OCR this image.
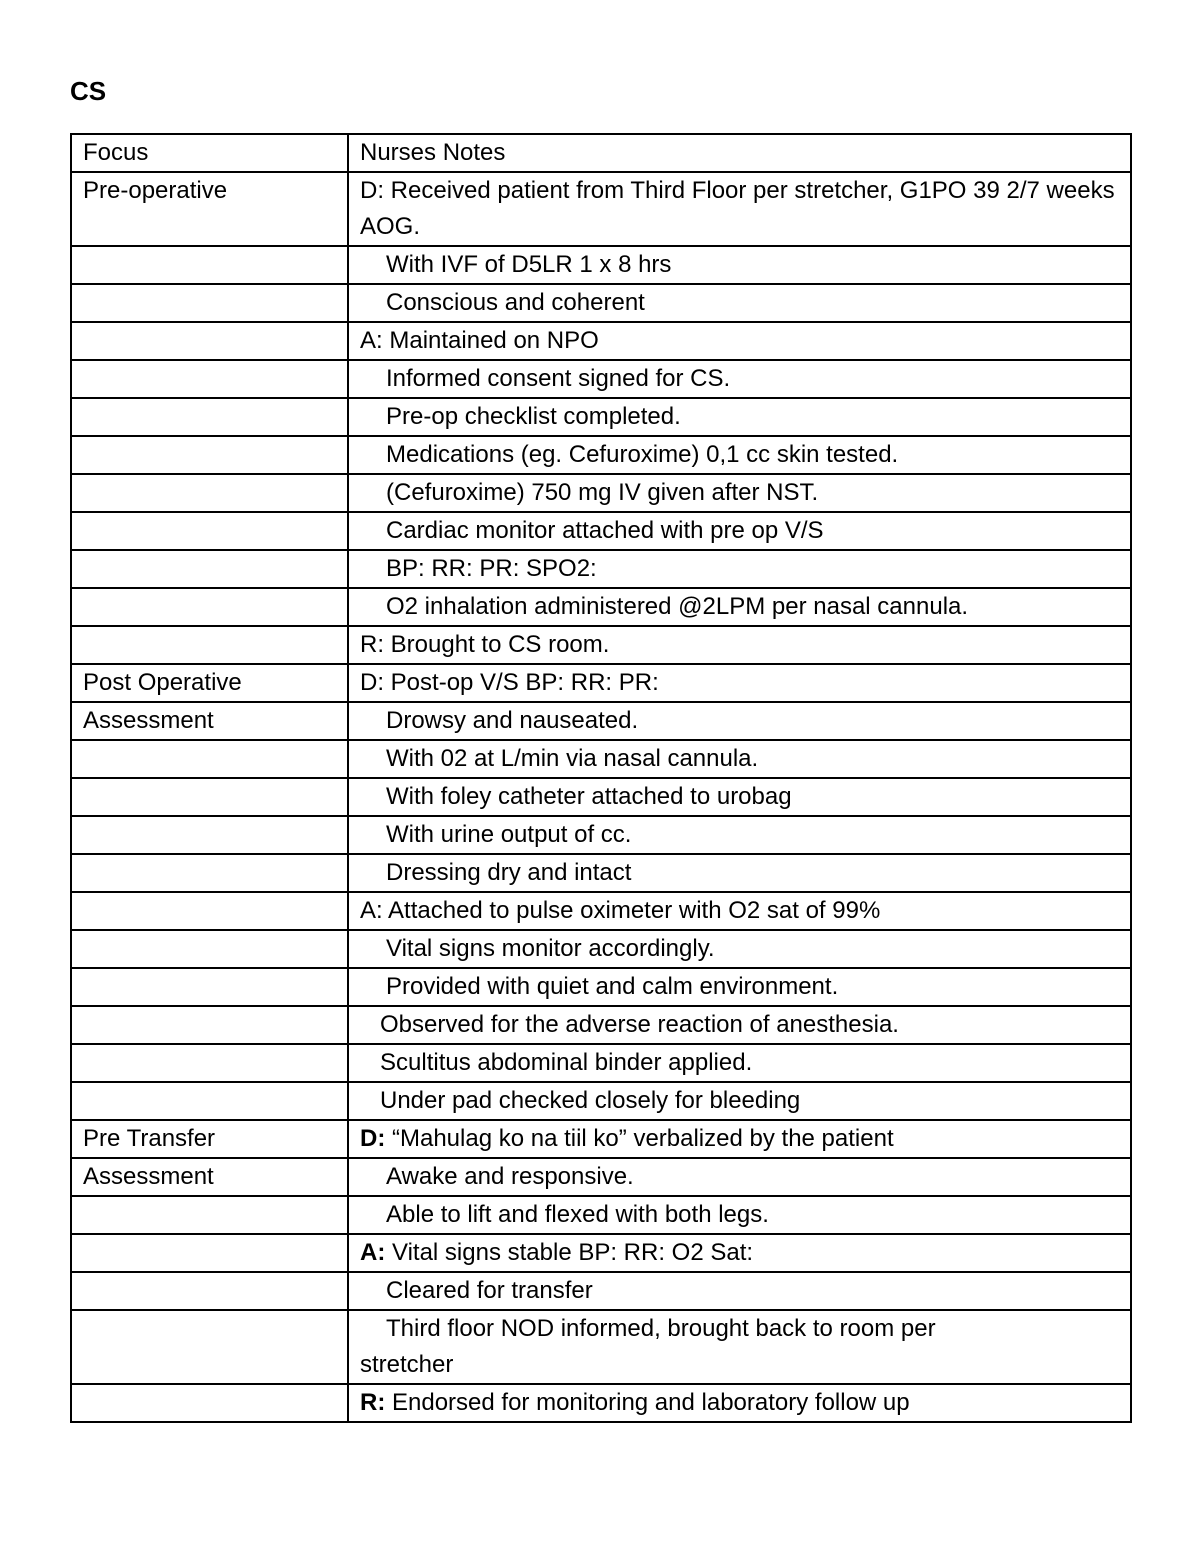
CS
Focus	Nurses Notes
Pre-operative	D: Received patient from Third Floor per stretcher, G1PO 39 2/7 weeks AOG.
	With IVF of D5LR 1 x 8 hrs
	Conscious and coherent
	A: Maintained on NPO
	Informed consent signed for CS.
	Pre-op checklist completed.
	Medications (eg. Cefuroxime) 0,1 cc skin tested.
	(Cefuroxime) 750 mg IV given after NST.
	Cardiac monitor attached with pre op V/S
	BP: RR: PR: SPO2:
	O2 inhalation administered @2LPM per nasal cannula.
	R: Brought to CS room.
Post Operative	D: Post-op V/S BP: RR: PR:
Assessment	Drowsy and nauseated.
	With 02 at L/min via nasal cannula.
	With foley catheter attached to urobag
	With urine output of cc.
	Dressing dry and intact
	A: Attached to pulse oximeter with O2 sat of 99%
	Vital signs monitor accordingly.
	Provided with quiet and calm environment.
	Observed for the adverse reaction of anesthesia.
	Scultitus abdominal binder applied.
	Under pad checked closely for bleeding
Pre Transfer	D: “Mahulag ko na tiil ko” verbalized by the patient
Assessment	Awake and responsive.
	Able to lift and flexed with both legs.
	A: Vital signs stable BP: RR: O2 Sat:
	Cleared for transfer
	Third floor NOD informed, brought back to room per
stretcher
	R: Endorsed for monitoring and laboratory follow up
